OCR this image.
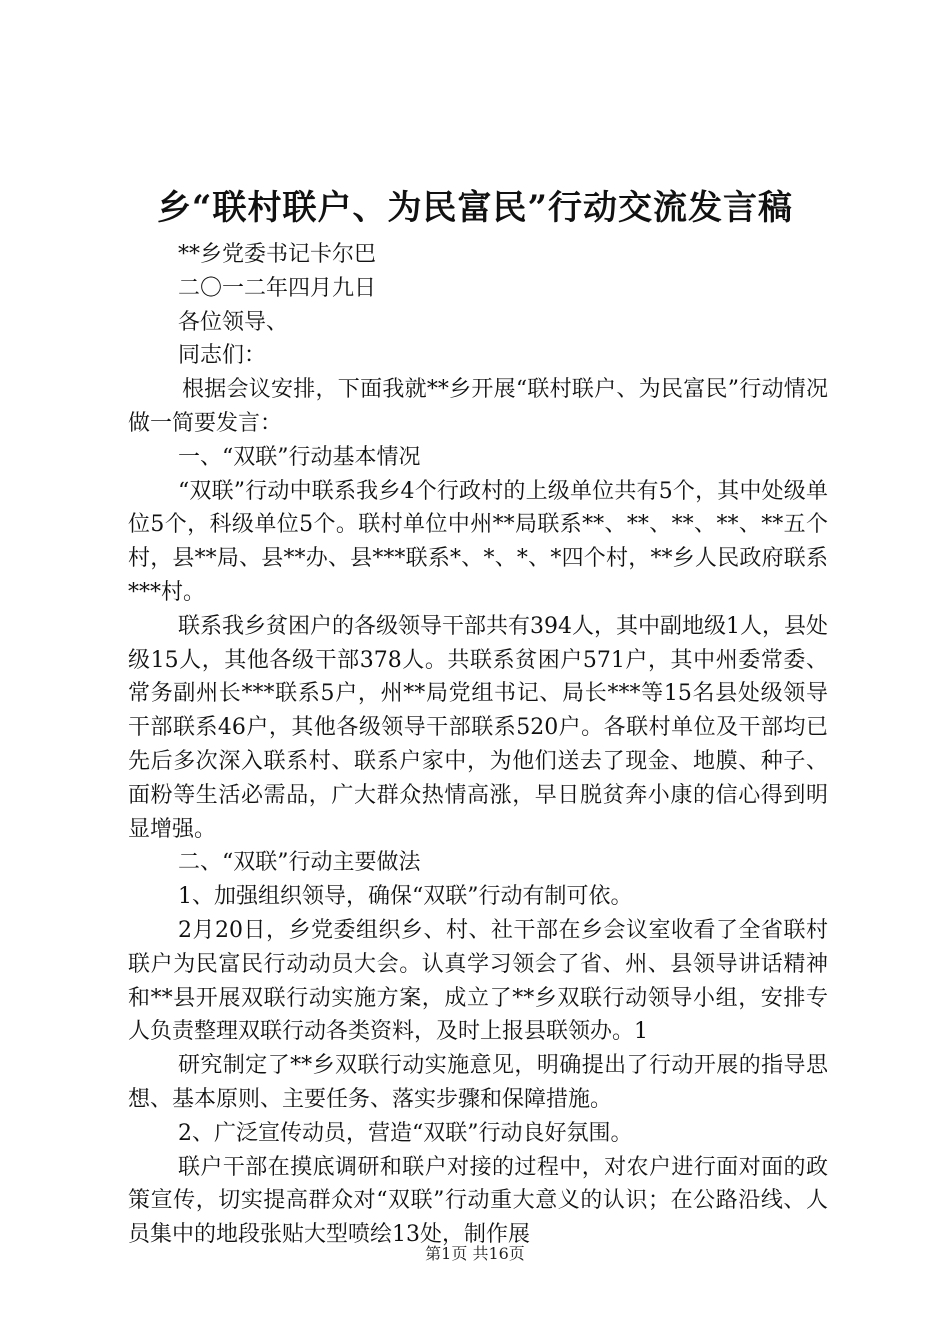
乡“联村联户、为民富民”行动交流发言稿

**乡党委书记卡尔巴

二〇一二年四月九日

各位领导、

同志们：

根据会议安排，下面我就**乡开展“联村联户、为民富民”行动情况做一简要发言：

一、“双联”行动基本情况

“双联”行动中联系我乡4个行政村的上级单位共有5个，其中处级单位5个，科级单位5个。联村单位中州**局联系**、**、**、**、**五个村，县**局、县**办、县***联系*、*、*、*四个村，**乡人民政府联系***村。

联系我乡贫困户的各级领导干部共有394人，其中副地级1人，县处级15人，其他各级干部378人。共联系贫困户571户，其中州委常委、常务副州长***联系5户，州**局党组书记、局长***等15名县处级领导干部联系46户，其他各级领导干部联系520户。各联村单位及干部均已先后多次深入联系村、联系户家中，为他们送去了现金、地膜、种子、面粉等生活必需品，广大群众热情高涨，早日脱贫奔小康的信心得到明显增强。

二、“双联”行动主要做法

1、加强组织领导，确保“双联”行动有制可依。

2月20日，乡党委组织乡、村、社干部在乡会议室收看了全省联村联户为民富民行动动员大会。认真学习领会了省、州、县领导讲话精神和**县开展双联行动实施方案，成立了**乡双联行动领导小组，安排专人负责整理双联行动各类资料，及时上报县联领办。1

研究制定了**乡双联行动实施意见，明确提出了行动开展的指导思想、基本原则、主要任务、落实步骤和保障措施。

2、广泛宣传动员，营造“双联”行动良好氛围。

联户干部在摸底调研和联户对接的过程中，对农户进行面对面的政策宣传，切实提高群众对“双联”行动重大意义的认识；在公路沿线、人员集中的地段张贴大型喷绘13处，制作展

第1页 共16页
